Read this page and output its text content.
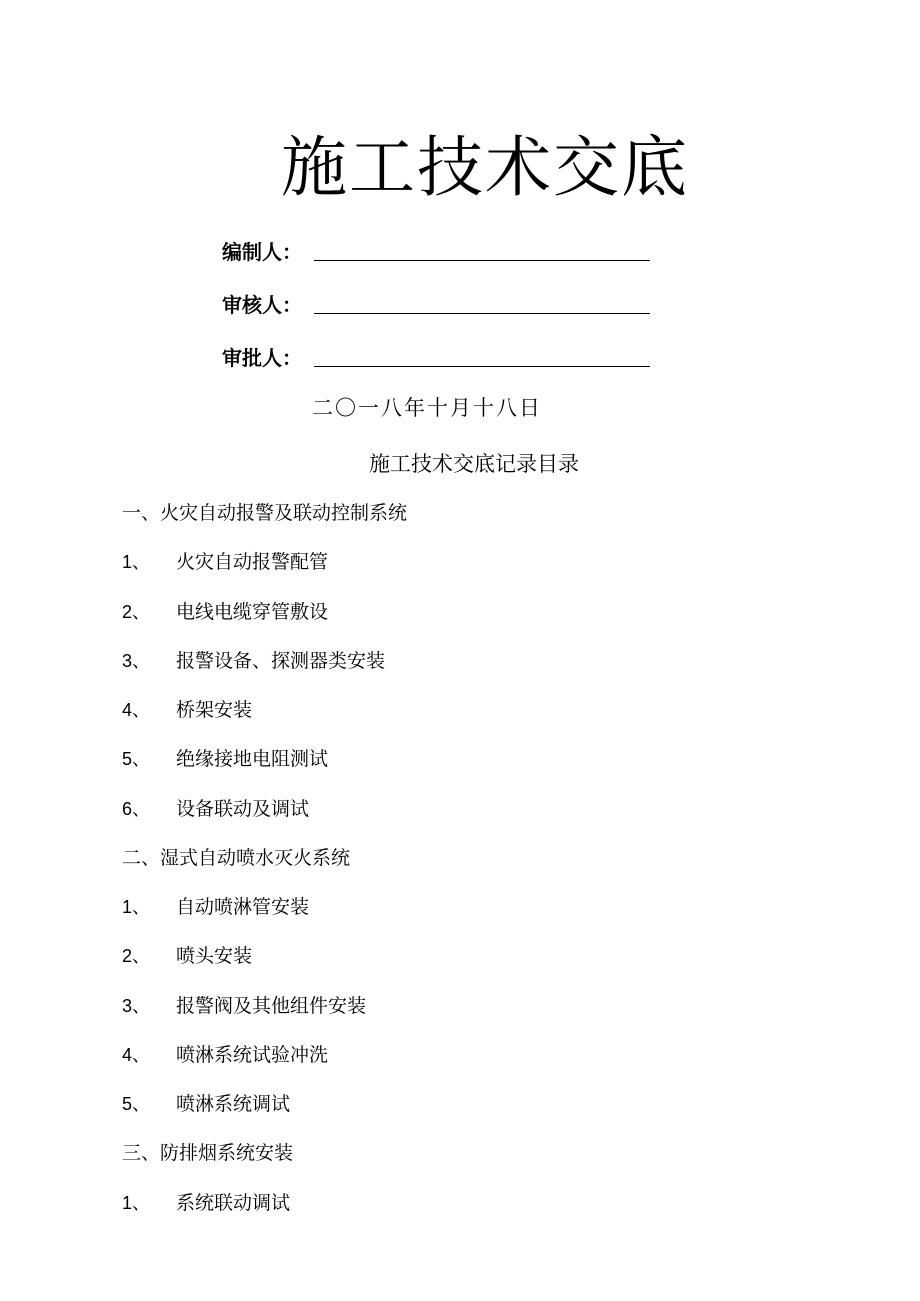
施工技术交底
编制人：
审核人：
审批人：
二〇一八年十月十八日
施工技术交底记录目录
一、火灾自动报警及联动控制系统
1、	火灾自动报警配管
2、	电线电缆穿管敷设
3、	报警设备、探测器类安装
4、	桥架安装
5、	绝缘接地电阻测试
6、	设备联动及调试
二、湿式自动喷水灭火系统
1、	自动喷淋管安装
2、	喷头安装
3、	报警阀及其他组件安装
4、	喷淋系统试验冲洗
5、	喷淋系统调试
三、防排烟系统安装
1、	系统联动调试
